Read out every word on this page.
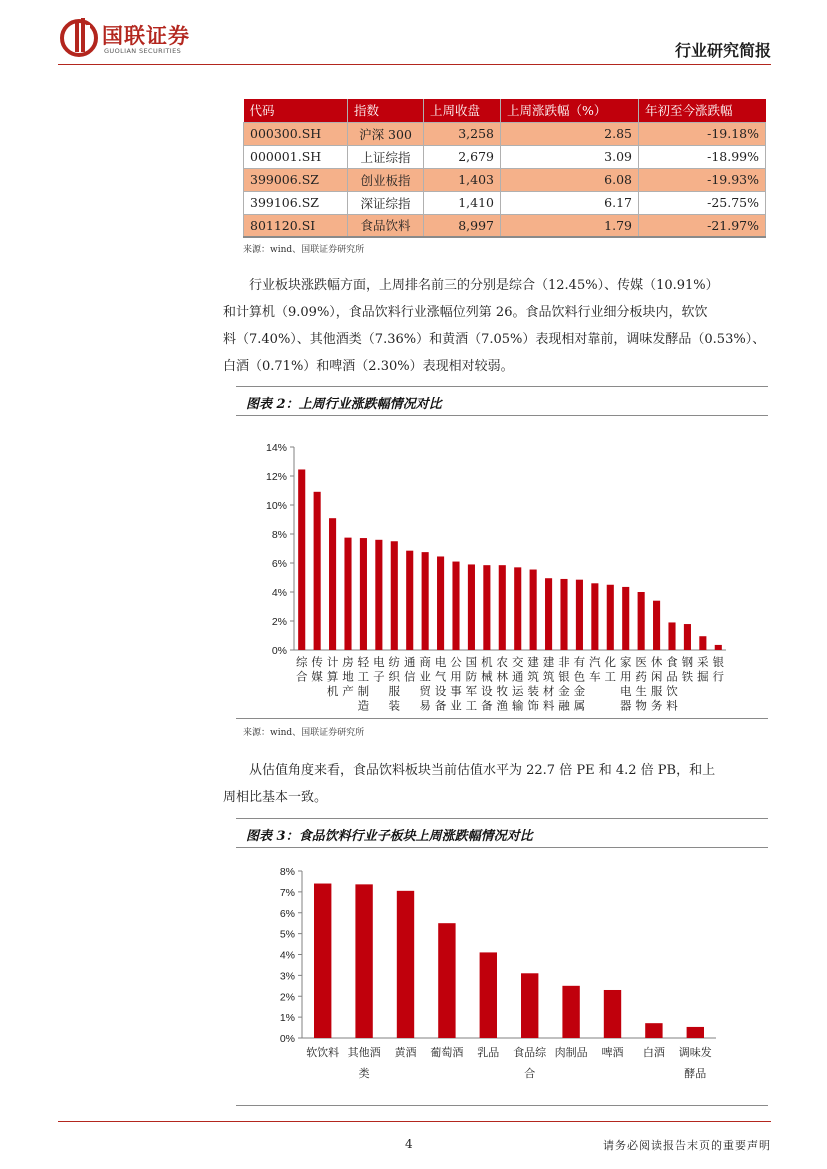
国联证券
GUOLIAN SECURITIES	行业研究简报
代码	指数	上周收盘	上周涨跌幅（%）	年初至今涨跌幅
000300.SH	沪深 300	3,258	2.85	-19.18%
000001.SH	上证综指	2,679	3.09	-18.99%
399006.SZ	创业板指	1,403	6.08	-19.93%
399106.SZ	深证综指	1,410	6.17	-25.75%
801120.SI	食品饮料	8,997	1.79	-21.97%
来源：wind、国联证券研究所
行业板块涨跌幅方面，上周排名前三的分别是综合（12.45%）、传媒（10.91%）
和计算机（9.09%），食品饮料行业涨幅位列第 26。食品饮料行业细分板块内，软饮
料（7.40%）、其他酒类（7.36%）和黄酒（7.05%）表现相对靠前，调味发酵品（0.53%）、
白酒（0.71%）和啤酒（2.30%）表现相对较弱。
图表 2：上周行业涨跌幅情况对比
0%
2%
4%
6%
8%
10%
12%
14%
综
合
传
媒
计
算
机
房
地
产
轻
工
制
造
电
子
纺
织
服
装
通
信
商
业
贸
易
电
气
设
备
公
用
事
业
国
防
军
工
机
械
设
备
农
林
牧
渔
交
通
运
输
建
筑
装
饰
建
筑
材
料
非
银
金
融
有
色
金
属
汽
车
化
工
家
用
电
器
医
药
生
物
休
闲
服
务
食
品
饮
料
钢
铁
采
掘
银
行
来源：wind、国联证券研究所
从估值角度来看，食品饮料板块当前估值水平为 22.7 倍 PE 和 4.2 倍 PB，和上
周相比基本一致。
图表 3：食品饮料行业子板块上周涨跌幅情况对比
0%
1%
2%
3%
4%
5%
6%
7%
8%
软饮料 其他酒
类
黄酒 葡萄酒 乳品 食品综
合
肉制品 啤酒 白酒 调味发
酵品
4	请务必阅读报告末页的重要声明
